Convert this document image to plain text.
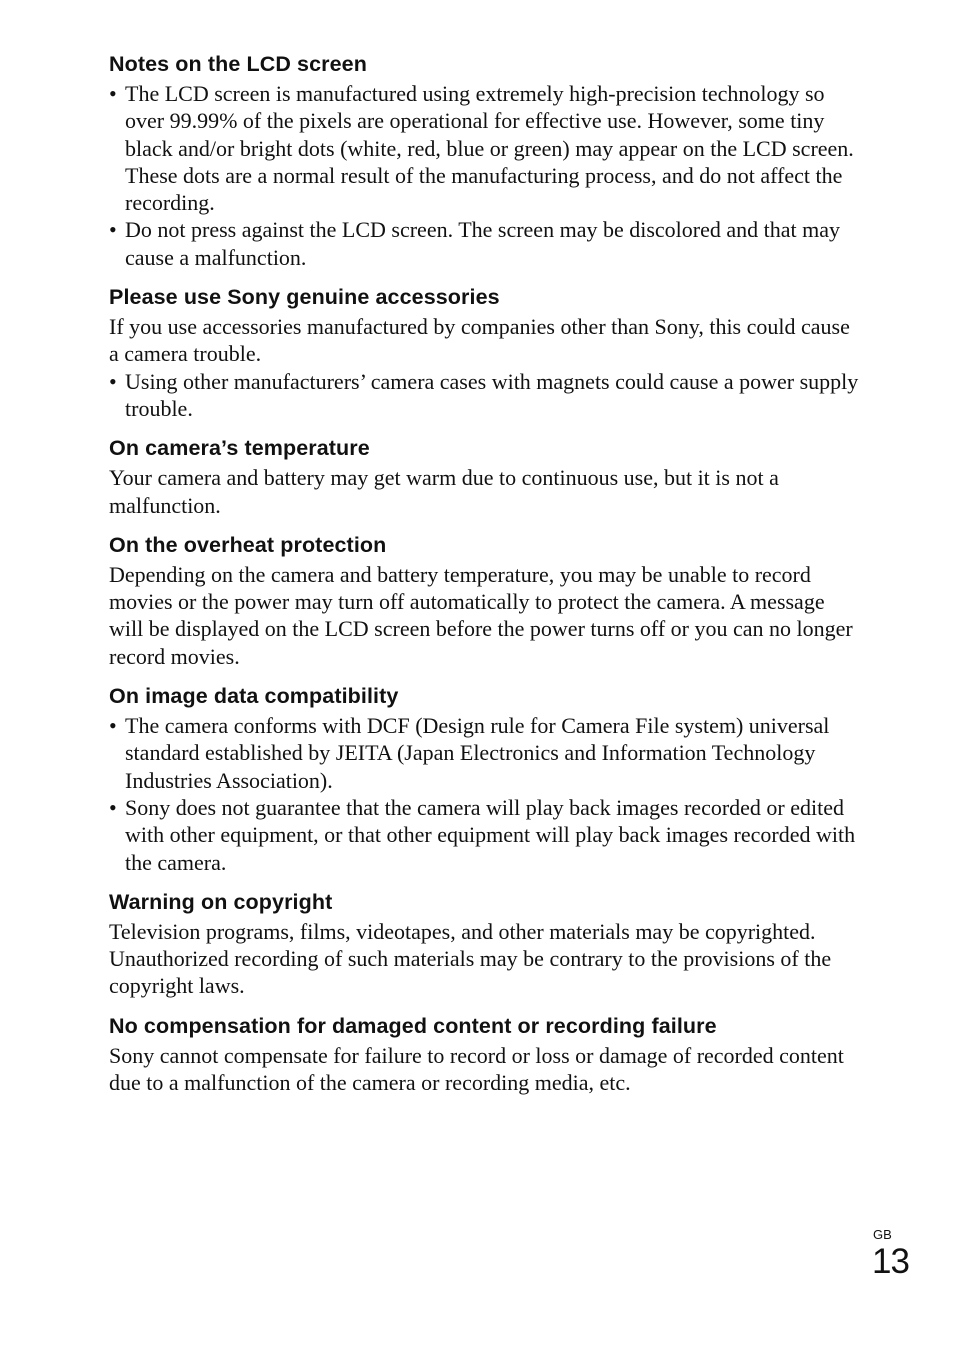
Notes on the LCD screen
• The LCD screen is manufactured using extremely high-precision technology so over 99.99% of the pixels are operational for effective use. However, some tiny black and/or bright dots (white, red, blue or green) may appear on the LCD screen. These dots are a normal result of the manufacturing process, and do not affect the recording.
• Do not press against the LCD screen. The screen may be discolored and that may cause a malfunction.
Please use Sony genuine accessories

If you use accessories manufactured by companies other than Sony, this could cause a camera trouble.

• Using other manufacturers’ camera cases with magnets could cause a power supply trouble.
On camera’s temperature

Your camera and battery may get warm due to continuous use, but it is not a malfunction.

On the overheat protection

Depending on the camera and battery temperature, you may be unable to record movies or the power may turn off automatically to protect the camera. A message will be displayed on the LCD screen before the power turns off or you can no longer record movies.

On image data compatibility
• The camera conforms with DCF (Design rule for Camera File system) universal standard established by JEITA (Japan Electronics and Information Technology Industries Association).
• Sony does not guarantee that the camera will play back images recorded or edited with other equipment, or that other equipment will play back images recorded with the camera.
Warning on copyright

Television programs, films, videotapes, and other materials may be copyrighted. Unauthorized recording of such materials may be contrary to the provisions of the copyright laws.

No compensation for damaged content or recording failure

Sony cannot compensate for failure to record or loss or damage of recorded content due to a malfunction of the camera or recording media, etc.

GB
13
